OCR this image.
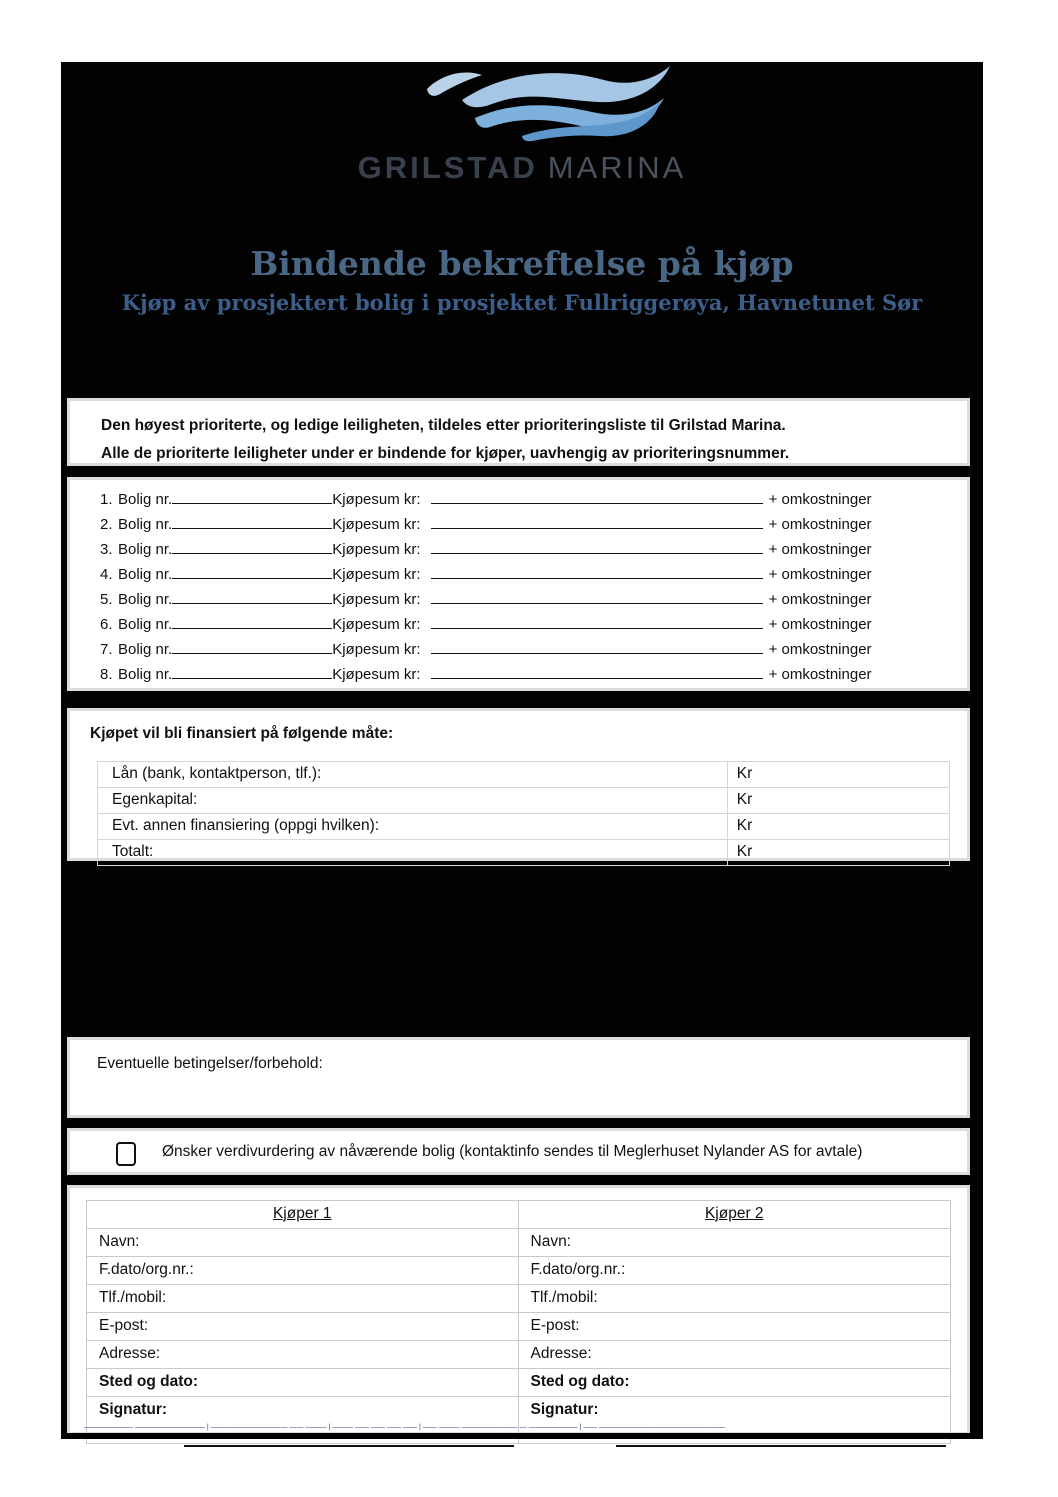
GRILSTAD MARINA
Bindende bekreftelse på kjøp
Kjøp av prosjektert bolig i prosjektet Fullriggerøya, Havnetunet Sør
Den høyest prioriterte, og ledige leiligheten, tildeles etter prioriteringsliste til Grilstad Marina.
Alle de prioriterte leiligheter under er bindende for kjøper, uavhengig av prioriteringsnummer.
1. Bolig nr.	Kjøpesum kr:	+ omkostninger
2. Bolig nr.	Kjøpesum kr:	+ omkostninger
3. Bolig nr.	Kjøpesum kr:	+ omkostninger
4. Bolig nr.	Kjøpesum kr:	+ omkostninger
5. Bolig nr.	Kjøpesum kr:	+ omkostninger
6. Bolig nr.	Kjøpesum kr:	+ omkostninger
7. Bolig nr.	Kjøpesum kr:	+ omkostninger
8. Bolig nr.	Kjøpesum kr:	+ omkostninger
Kjøpet vil bli finansiert på følgende måte:
Lån (bank, kontaktperson, tlf.):	Kr
Egenkapital:	Kr
Evt. annen finansiering (oppgi hvilken):	Kr
Totalt:	Kr
Eventuelle betingelser/forbehold:
Ønsker verdivurdering av nåværende bolig (kontaktinfo sendes til Meglerhuset Nylander AS for avtale)
Kjøper 1	Kjøper 2
Navn:	Navn:
F.dato/org.nr.:	F.dato/org.nr.:
Tlf./mobil:	Tlf./mobil:
E-post:	E-post:
Adresse:	Adresse:
Sted og dato:	Sted og dato:
Signatur:	Signatur:
——————— —————————— | ——————————— —— ——— | ——— —— —— —— —— | —— ——— ———————— — ——————— | —— ——————————————————
